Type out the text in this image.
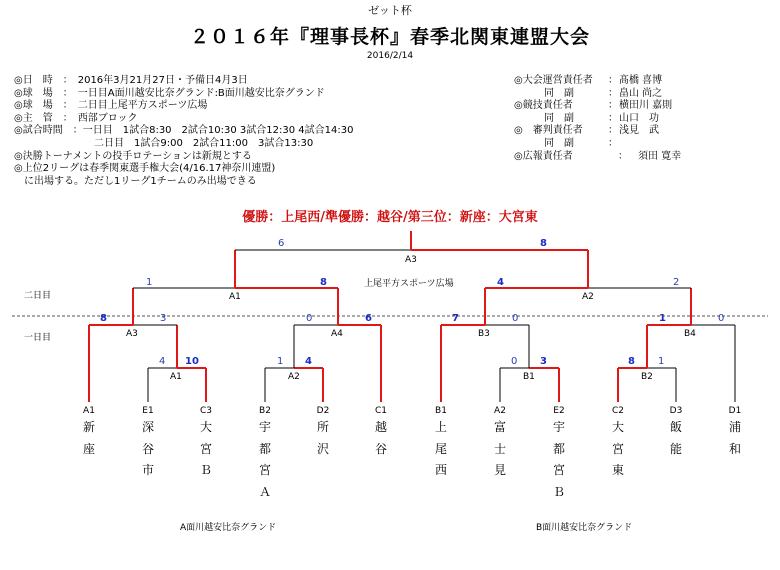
ゼット杯
２０１６年『理事長杯』春季北関東連盟大会
2016/2/14
◎日　時　：　2016年3月21月27日・予備日4月3日
◎球　場　：　一日目A面川越安比奈グランド:B面川越安比奈グランド
◎球　場　：　二日目上尾平方スポーツ広場
◎主　管　：　西部ブロック
◎試合時間　：一日目　1試合8:30　2試合10:30 3試合12:30 4試合14:30
　　　　　　　　二日目　1試合9:00　2試合11:00　3試合13:30
◎決勝トーナメントの投手ロテーションは新規とする
◎上位2リーグは春季関東選手権大会(4/16.17神奈川連盟)
　に出場する。ただし1リーグ1チームのみ出場できる
◎大会運営責任者 ： 髙橋 喜博
　　　同　副	： 畠山 尚之
◎競技責任者	： 横田川 嘉則
　　　同　副	： 山口　功
◎　審判責任者	： 浅見　武
　　　同　副	：
◎広報責任者	： 須田 寛幸
優勝：上尾西/準優勝：越谷/第三位：新座：大宮東
二日目
一日目
上尾平方スポーツ広場
4 10
A1
1 4
A2
0 3
B1
8 1
B2
8	3
A3
0	6
A4
7	0
B3
1	0
B4
1	8
A1
4	2
A2
6	8
A3
A1
新
座
E1
深
谷
市
C3
大
宮
Ｂ
B2
宇
都
宮
Ａ
D2
所
沢
C1
越
谷
B1
上
尾
西
A2
富
士
見
E2
宇
都
宮
Ｂ
C2
大
宮
東
D3
飯
能
D1
浦
和
A面川越安比奈グランド	B面川越安比奈グランド
